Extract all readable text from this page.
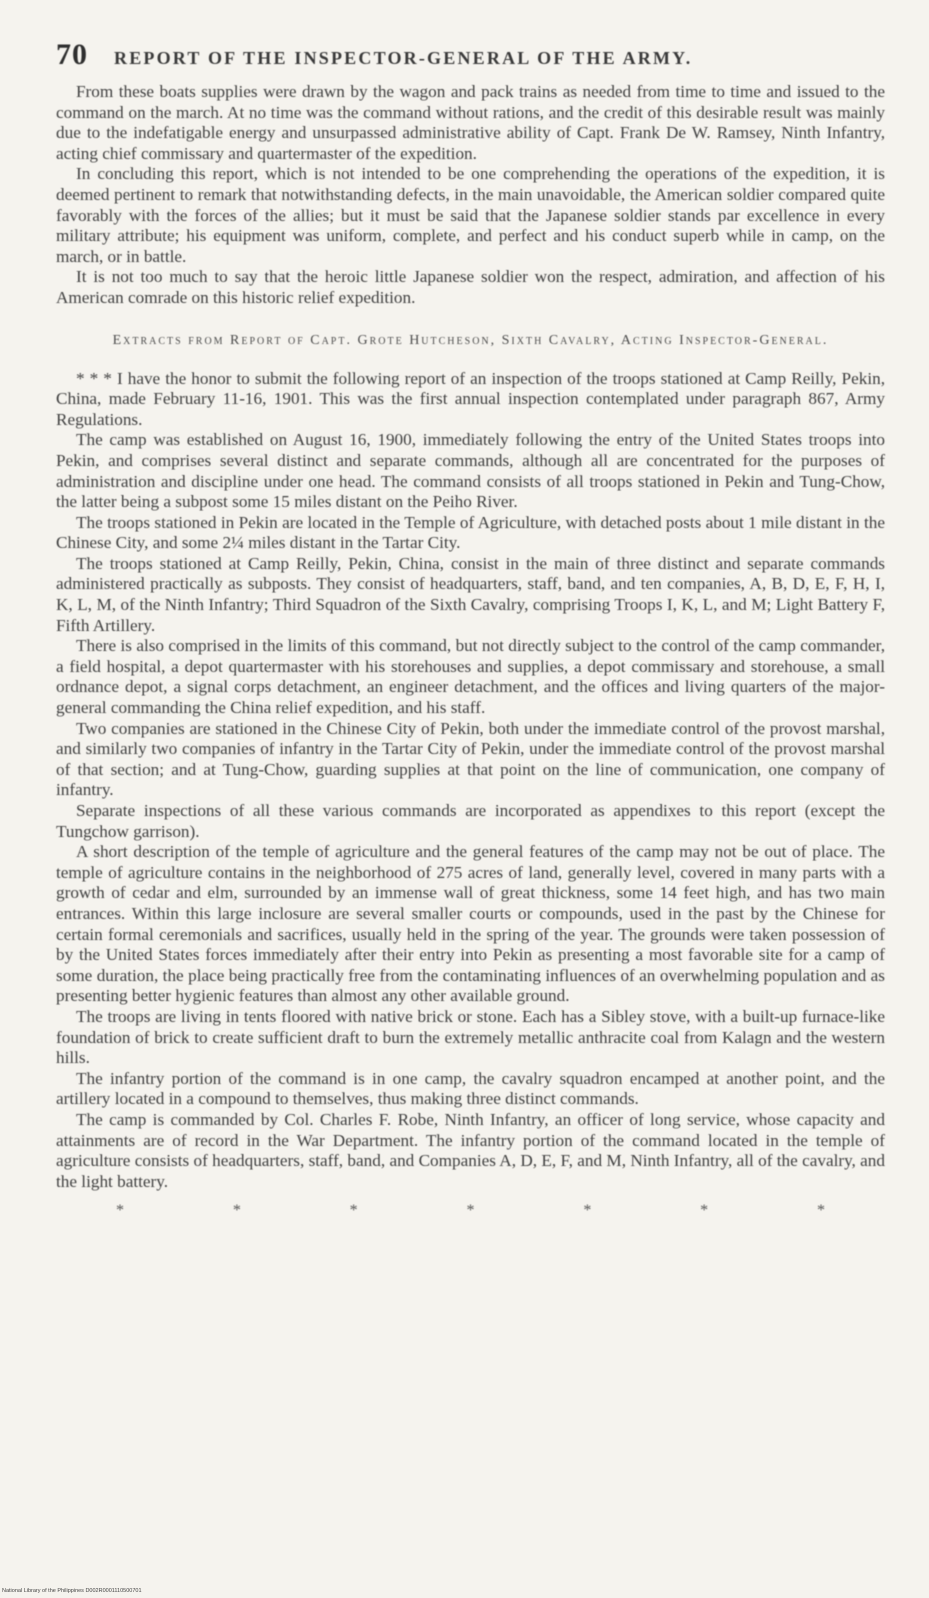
70 REPORT OF THE INSPECTOR-GENERAL OF THE ARMY.

From these boats supplies were drawn by the wagon and pack trains as needed from time to time and issued to the command on the march. At no time was the command without rations, and the credit of this desirable result was mainly due to the indefatigable energy and unsurpassed administrative ability of Capt. Frank De W. Ramsey, Ninth Infantry, acting chief commissary and quartermaster of the expedition.

In concluding this report, which is not intended to be one comprehending the operations of the expedition, it is deemed pertinent to remark that notwithstanding defects, in the main unavoidable, the American soldier compared quite favorably with the forces of the allies; but it must be said that the Japanese soldier stands par excellence in every military attribute; his equipment was uniform, complete, and perfect and his conduct superb while in camp, on the march, or in battle.

It is not too much to say that the heroic little Japanese soldier won the respect, admiration, and affection of his American comrade on this historic relief expedition.

Extracts from Report of Capt. Grote Hutcheson, Sixth Cavalry, Acting Inspector-General.

* * * I have the honor to submit the following report of an inspection of the troops stationed at Camp Reilly, Pekin, China, made February 11-16, 1901. This was the first annual inspection contemplated under paragraph 867, Army Regulations.

The camp was established on August 16, 1900, immediately following the entry of the United States troops into Pekin, and comprises several distinct and separate commands, although all are concentrated for the purposes of administration and discipline under one head. The command consists of all troops stationed in Pekin and Tung-Chow, the latter being a subpost some 15 miles distant on the Peiho River.

The troops stationed in Pekin are located in the Temple of Agriculture, with detached posts about 1 mile distant in the Chinese City, and some 2¼ miles distant in the Tartar City.

The troops stationed at Camp Reilly, Pekin, China, consist in the main of three distinct and separate commands administered practically as subposts. They consist of headquarters, staff, band, and ten companies, A, B, D, E, F, H, I, K, L, M, of the Ninth Infantry; Third Squadron of the Sixth Cavalry, comprising Troops I, K, L, and M; Light Battery F, Fifth Artillery.

There is also comprised in the limits of this command, but not directly subject to the control of the camp commander, a field hospital, a depot quartermaster with his storehouses and supplies, a depot commissary and storehouse, a small ordnance depot, a signal corps detachment, an engineer detachment, and the offices and living quarters of the major-general commanding the China relief expedition, and his staff.

Two companies are stationed in the Chinese City of Pekin, both under the immediate control of the provost marshal, and similarly two companies of infantry in the Tartar City of Pekin, under the immediate control of the provost marshal of that section; and at Tung-Chow, guarding supplies at that point on the line of communication, one company of infantry.

Separate inspections of all these various commands are incorporated as appendixes to this report (except the Tungchow garrison).

A short description of the temple of agriculture and the general features of the camp may not be out of place. The temple of agriculture contains in the neighborhood of 275 acres of land, generally level, covered in many parts with a growth of cedar and elm, surrounded by an immense wall of great thickness, some 14 feet high, and has two main entrances. Within this large inclosure are several smaller courts or compounds, used in the past by the Chinese for certain formal ceremonials and sacrifices, usually held in the spring of the year. The grounds were taken possession of by the United States forces immediately after their entry into Pekin as presenting a most favorable site for a camp of some duration, the place being practically free from the contaminating influences of an overwhelming population and as presenting better hygienic features than almost any other available ground.

The troops are living in tents floored with native brick or stone. Each has a Sibley stove, with a built-up furnace-like foundation of brick to create sufficient draft to burn the extremely metallic anthracite coal from Kalagn and the western hills.

The infantry portion of the command is in one camp, the cavalry squadron encamped at another point, and the artillery located in a compound to themselves, thus making three distinct commands.

The camp is commanded by Col. Charles F. Robe, Ninth Infantry, an officer of long service, whose capacity and attainments are of record in the War Department. The infantry portion of the command located in the temple of agriculture consists of headquarters, staff, band, and Companies A, D, E, F, and M, Ninth Infantry, all of the cavalry, and the light battery.

*	*	*	*	*	*	*
National Library of the Philippines D002R0001110500701
